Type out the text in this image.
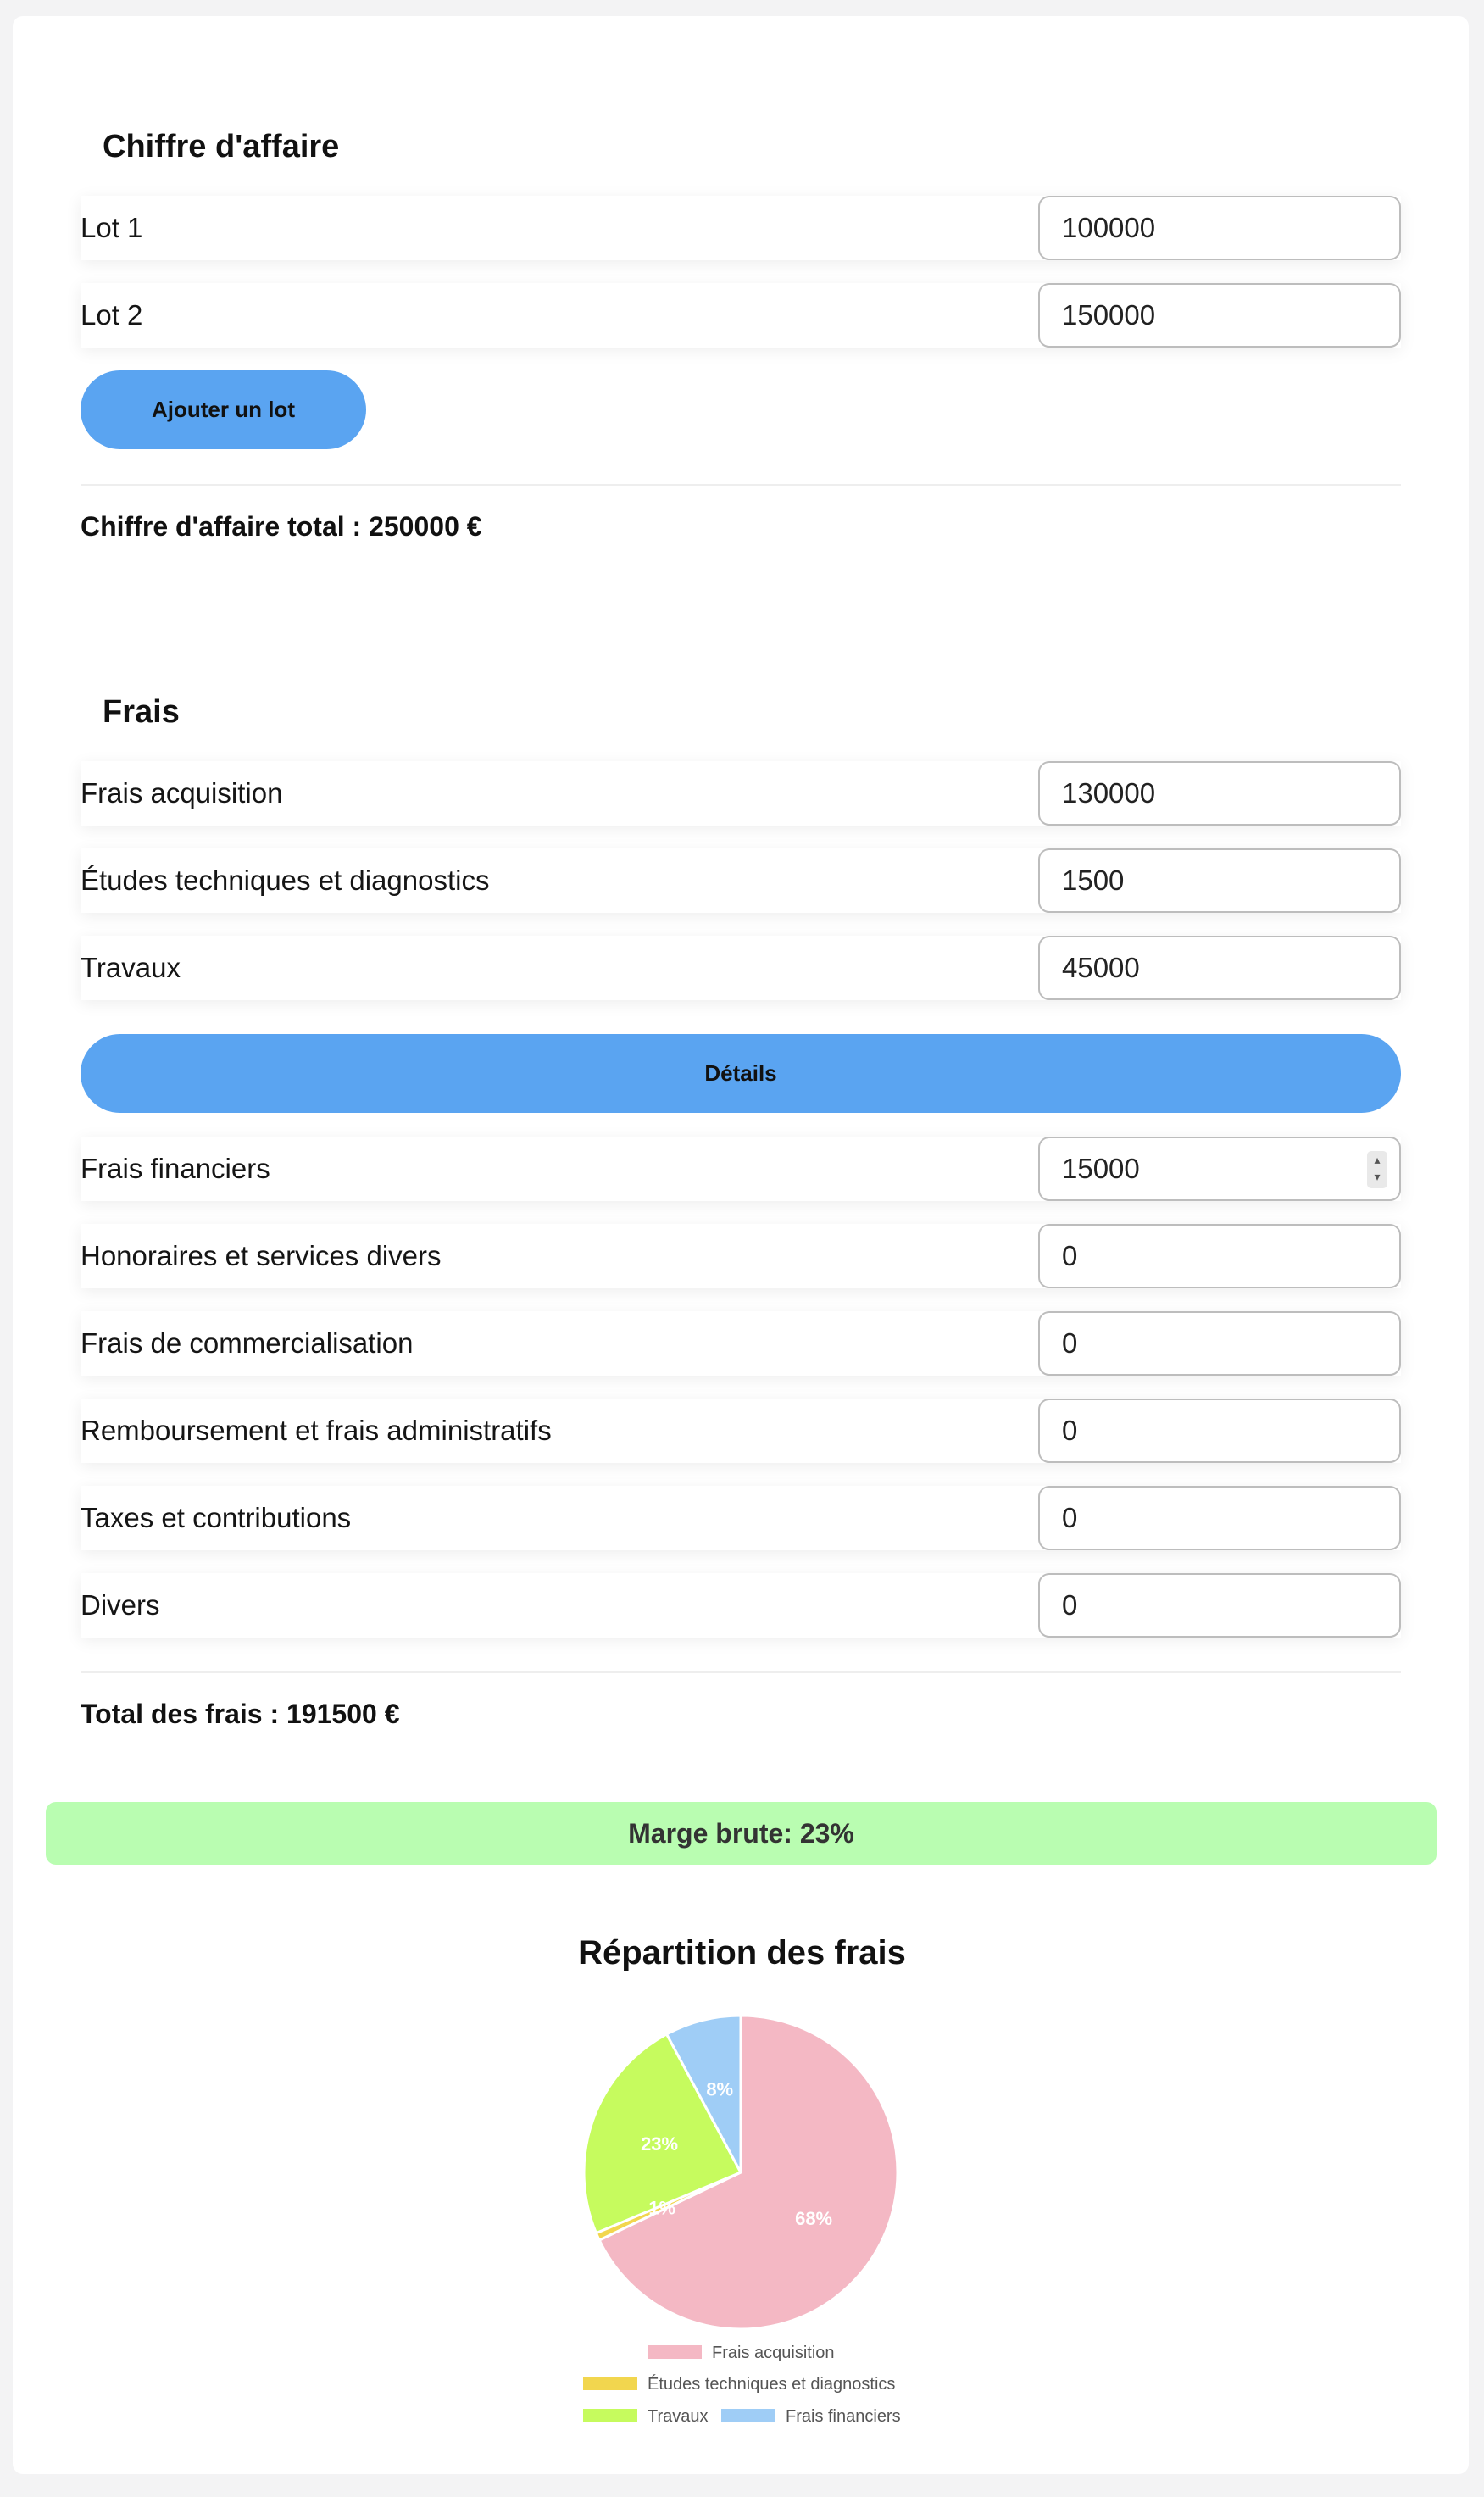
Chiffre d'affaire
Lot 1	100000
Lot 2	150000
Ajouter un lot
Chiffre d'affaire total : 250000 €
Frais
Frais acquisition	130000
Études techniques et diagnostics	1500
Travaux	45000
Détails
Frais financiers	15000	▴
▾
Honoraires et services divers	0
Frais de commercialisation	0
Remboursement et frais administratifs	0
Taxes et contributions	0
Divers	0
Total des frais : 191500 €
Marge brute: 23%
Répartition des frais
68%
1%
23%
8%
Frais acquisition
Études techniques et diagnostics
Travaux	Frais financiers
